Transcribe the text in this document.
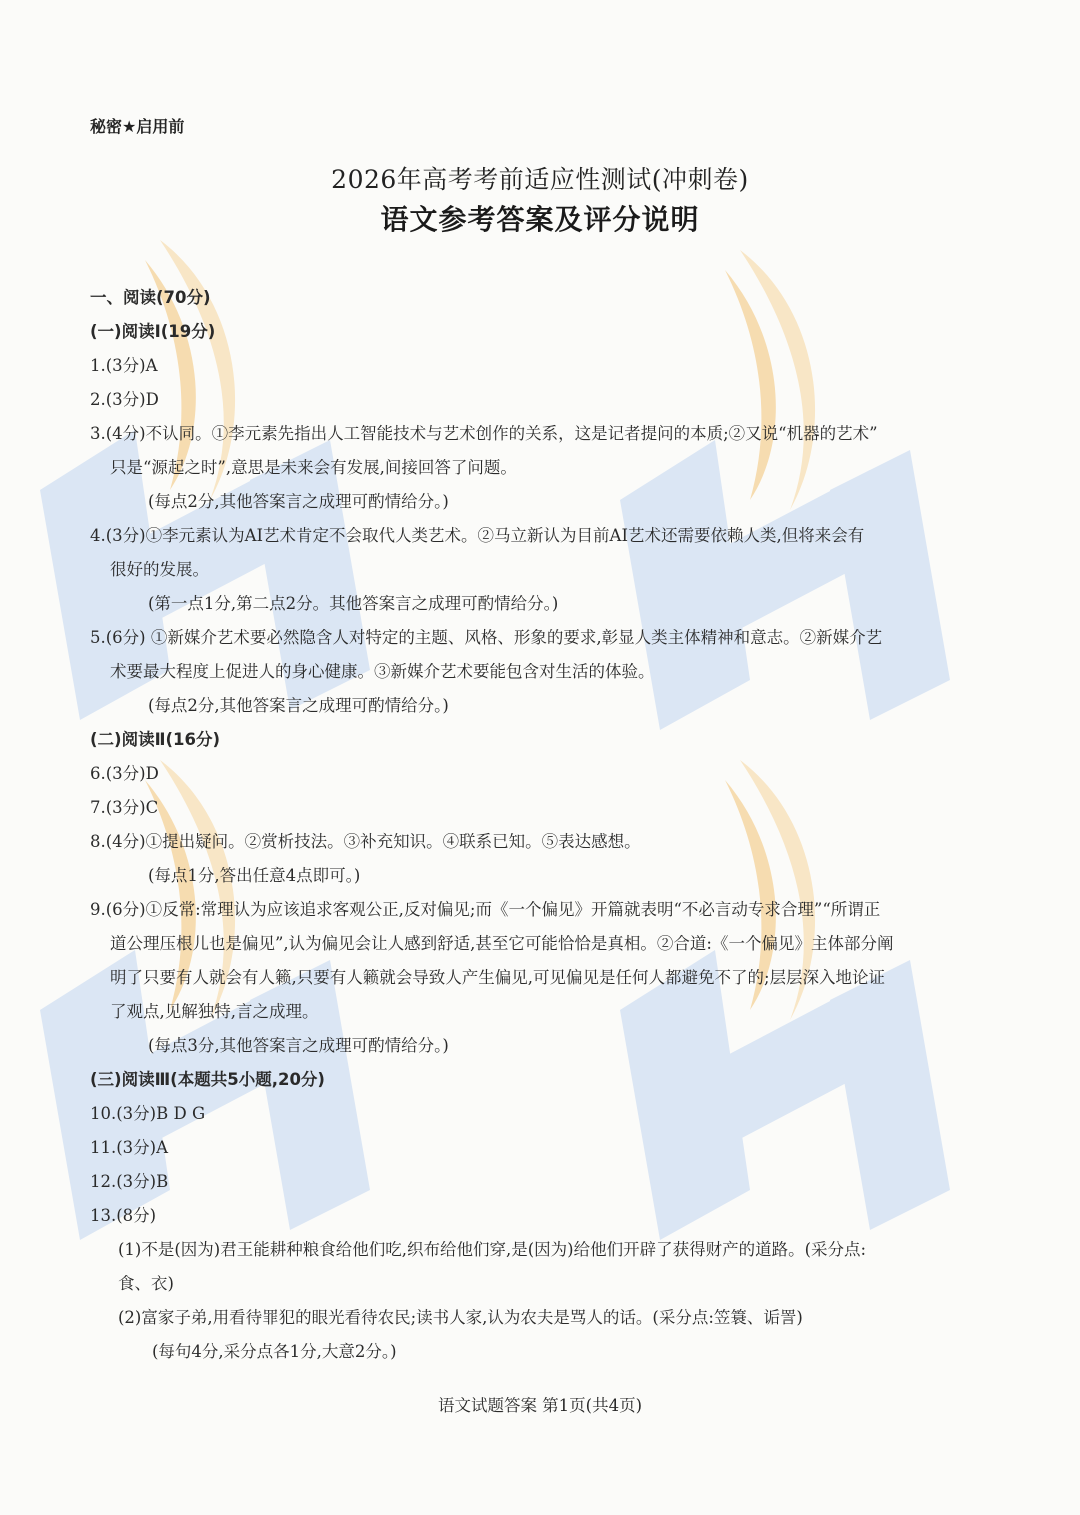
秘密★启用前
2026年高考考前适应性测试(冲刺卷)
语文参考答案及评分说明

一、阅读(70分)

(一)阅读Ⅰ(19分)

1.(3分)A

2.(3分)D

3.(4分)不认同。①李元素先指出人工智能技术与艺术创作的关系，这是记者提问的本质;②又说“机器的艺术”

只是“源起之时”,意思是未来会有发展,间接回答了问题。

(每点2分,其他答案言之成理可酌情给分。)

4.(3分)①李元素认为AI艺术肯定不会取代人类艺术。②马立新认为目前AI艺术还需要依赖人类,但将来会有

很好的发展。

(第一点1分,第二点2分。其他答案言之成理可酌情给分。)

5.(6分) ①新媒介艺术要必然隐含人对特定的主题、风格、形象的要求,彰显人类主体精神和意志。②新媒介艺

术要最大程度上促进人的身心健康。③新媒介艺术要能包含对生活的体验。

(每点2分,其他答案言之成理可酌情给分。)

(二)阅读Ⅱ(16分)

6.(3分)D

7.(3分)C

8.(4分)①提出疑问。②赏析技法。③补充知识。④联系已知。⑤表达感想。

(每点1分,答出任意4点即可。)

9.(6分)①反常:常理认为应该追求客观公正,反对偏见;而《一个偏见》开篇就表明“不必言动专求合理”“所谓正

道公理压根儿也是偏见”,认为偏见会让人感到舒适,甚至它可能恰恰是真相。②合道:《一个偏见》主体部分阐

明了只要有人就会有人籁,只要有人籁就会导致人产生偏见,可见偏见是任何人都避免不了的;层层深入地论证

了观点,见解独特,言之成理。

(每点3分,其他答案言之成理可酌情给分。)

(三)阅读Ⅲ(本题共5小题,20分)

10.(3分)B D G

11.(3分)A

12.(3分)B

13.(8分)

(1)不是(因为)君王能耕种粮食给他们吃,织布给他们穿,是(因为)给他们开辟了获得财产的道路。(采分点:

食、衣)

(2)富家子弟,用看待罪犯的眼光看待农民;读书人家,认为农夫是骂人的话。(采分点:笠簑、诟詈)

(每句4分,采分点各1分,大意2分。)

语文试题答案 第1页(共4页)
